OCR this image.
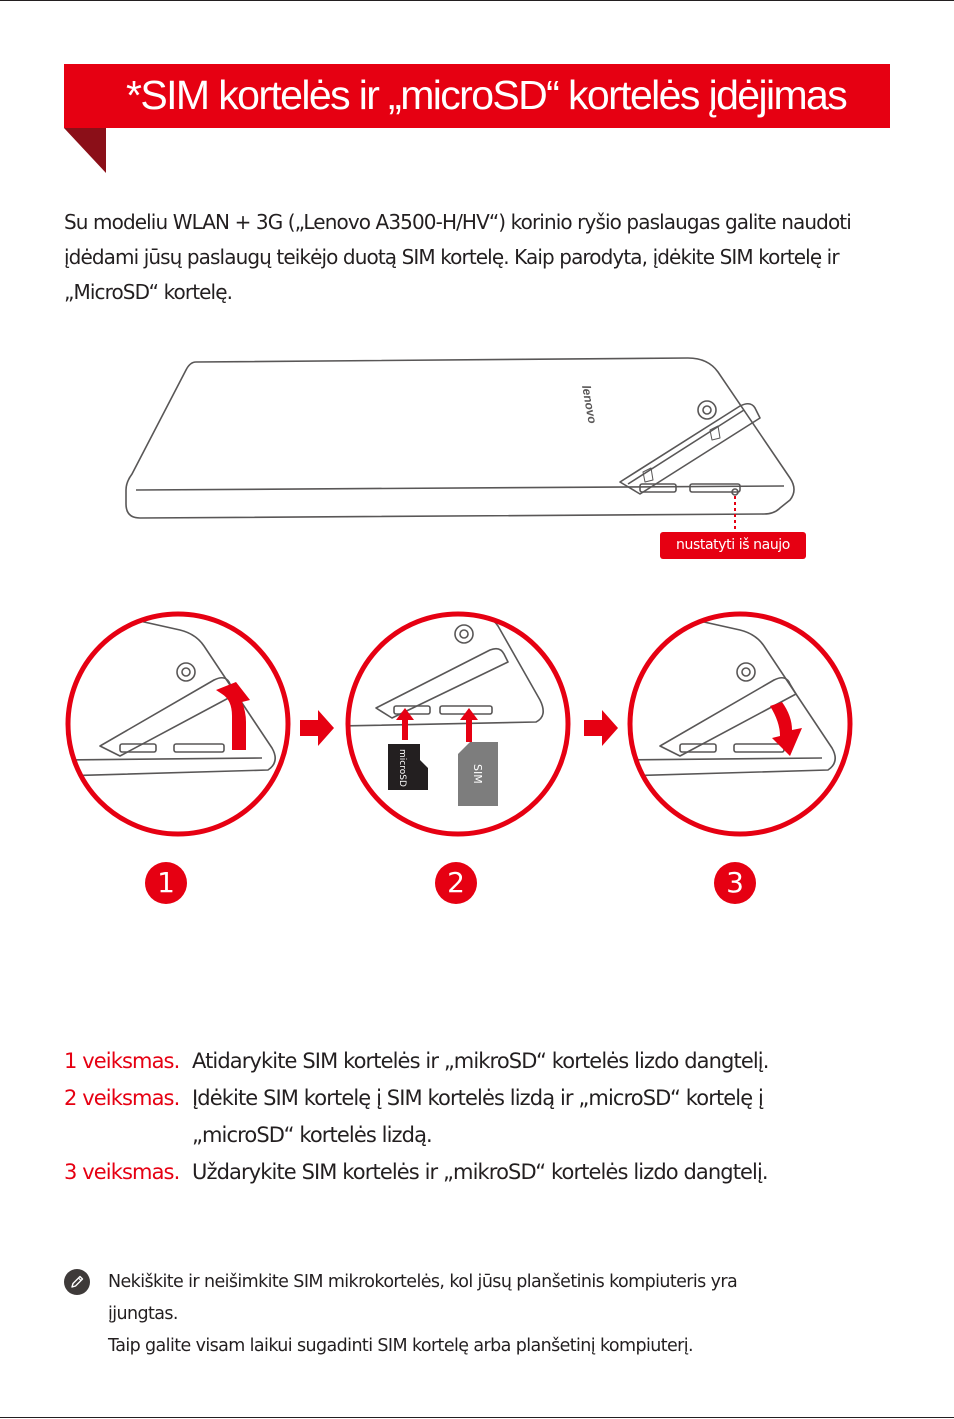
*SIM kortelės ir „microSD“ kortelės įdėjimas

Su modeliu WLAN + 3G („Lenovo A3500-H/HV“) korinio ryšio paslaugas galite naudoti įdėdami jūsų paslaugų teikėjo duotą SIM kortelę. Kaip parodyta, įdėkite SIM kortelę ir „MicroSD“ kortelę.

lenovo
nustatyti iš naujo
microSD	SIM
1	2	3
1 veiksmas. Atidarykite SIM kortelės ir „mikroSD“ kortelės lizdo dangtelį.
2 veiksmas. Įdėkite SIM kortelę į SIM kortelės lizdą ir „microSD“ kortelę į
„microSD“ kortelės lizdą.
3 veiksmas. Uždarykite SIM kortelės ir „mikroSD“ kortelės lizdo dangtelį.

Nekiškite ir neišimkite SIM mikrokortelės, kol jūsų planšetinis kompiuteris yra

įjungtas.

Taip galite visam laikui sugadinti SIM kortelę arba planšetinį kompiuterį.
